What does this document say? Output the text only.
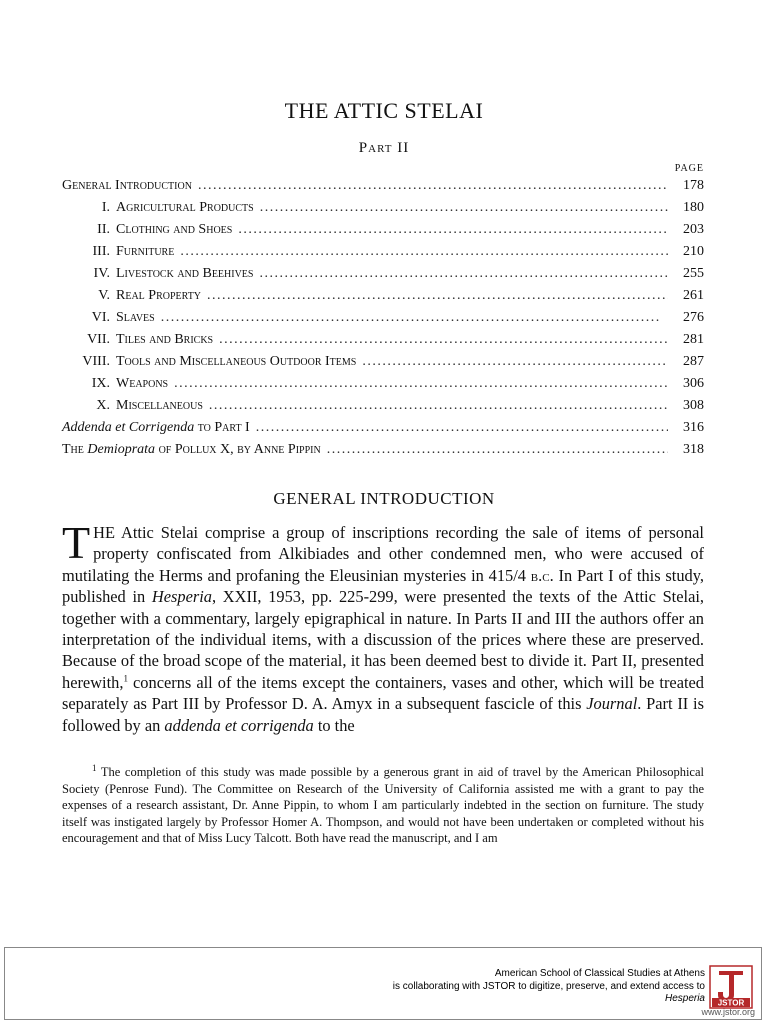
THE ATTIC STELAI
Part II
PAGE
General Introduction . . .	178
I. Agricultural Products . . .	180
II. Clothing and Shoes . . .	203
III. Furniture . . .	210
IV. Livestock and Beehives . . .	255
V. Real Property . . .	261
VI. Slaves . . .	276
VII. Tiles and Bricks . . .	281
VIII. Tools and Miscellaneous Outdoor Items . . .	287
IX. Weapons . . .	306
X. Miscellaneous . . .	308
Addenda et Corrigenda to Part I . . .	316
The Demioprata of Pollux X, by Anne Pippin . . .	318
GENERAL INTRODUCTION
THE Attic Stelai comprise a group of inscriptions recording the sale of items of personal property confiscated from Alkibiades and other condemned men, who were accused of mutilating the Herms and profaning the Eleusinian mysteries in 415/4 b.c. In Part I of this study, published in Hesperia, XXII, 1953, pp. 225-299, were presented the texts of the Attic Stelai, together with a commentary, largely epigraphical in nature. In Parts II and III the authors offer an interpretation of the individual items, with a discussion of the prices where these are preserved. Because of the broad scope of the material, it has been deemed best to divide it. Part II, presented herewith,$^1$ concerns all of the items except the containers, vases and other, which will be treated separately as Part III by Professor D. A. Amyx in a subsequent fascicle of this Journal. Part II is followed by an addenda et corrigenda to the
$^1$ The completion of this study was made possible by a generous grant in aid of travel by the American Philosophical Society (Penrose Fund). The Committee on Research of the University of California assisted me with a grant to pay the expenses of a research assistant, Dr. Anne Pippin, to whom I am particularly indebted in the section on furniture. The study itself was instigated largely by Professor Homer A. Thompson, and would not have been undertaken or completed without his encouragement and that of Miss Lucy Talcott. Both have read the manuscript, and I am
American School of Classical Studies at Athens
is collaborating with JSTOR to digitize, preserve, and extend access to
Hesperia JSTOR
www.jstor.org
